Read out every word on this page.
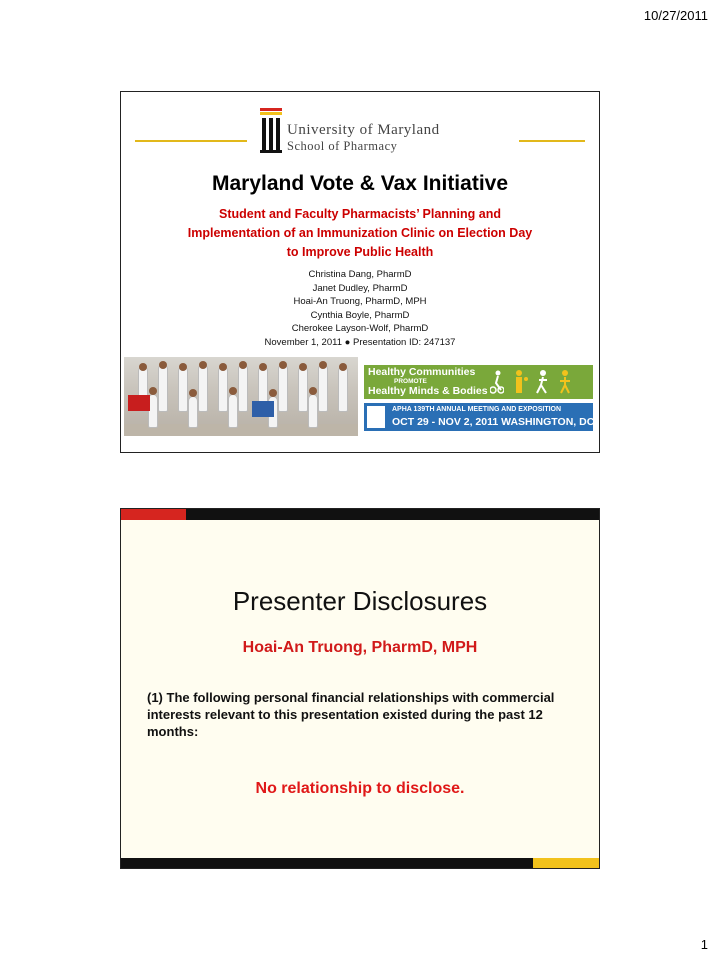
10/27/2011
University of Maryland
School of Pharmacy
Maryland Vote & Vax Initiative
Student and Faculty Pharmacists’ Planning and Implementation of an Immunization Clinic on Election Day to Improve Public Health
Christina Dang, PharmD
Janet Dudley, PharmD
Hoai-An Truong, PharmD, MPH
Cynthia Boyle, PharmD
Cherokee Layson-Wolf, PharmD
November 1, 2011 ● Presentation ID: 247137
Healthy Communities
PROMOTE
Healthy Minds & Bodies
APHA 139TH ANNUAL MEETING AND EXPOSITION
OCT 29 - NOV 2, 2011 WASHINGTON, DC
Presenter Disclosures
Hoai-An Truong, PharmD, MPH
(1) The following personal financial relationships with commercial interests relevant to this presentation existed during the past 12 months:
No relationship to disclose.
1
